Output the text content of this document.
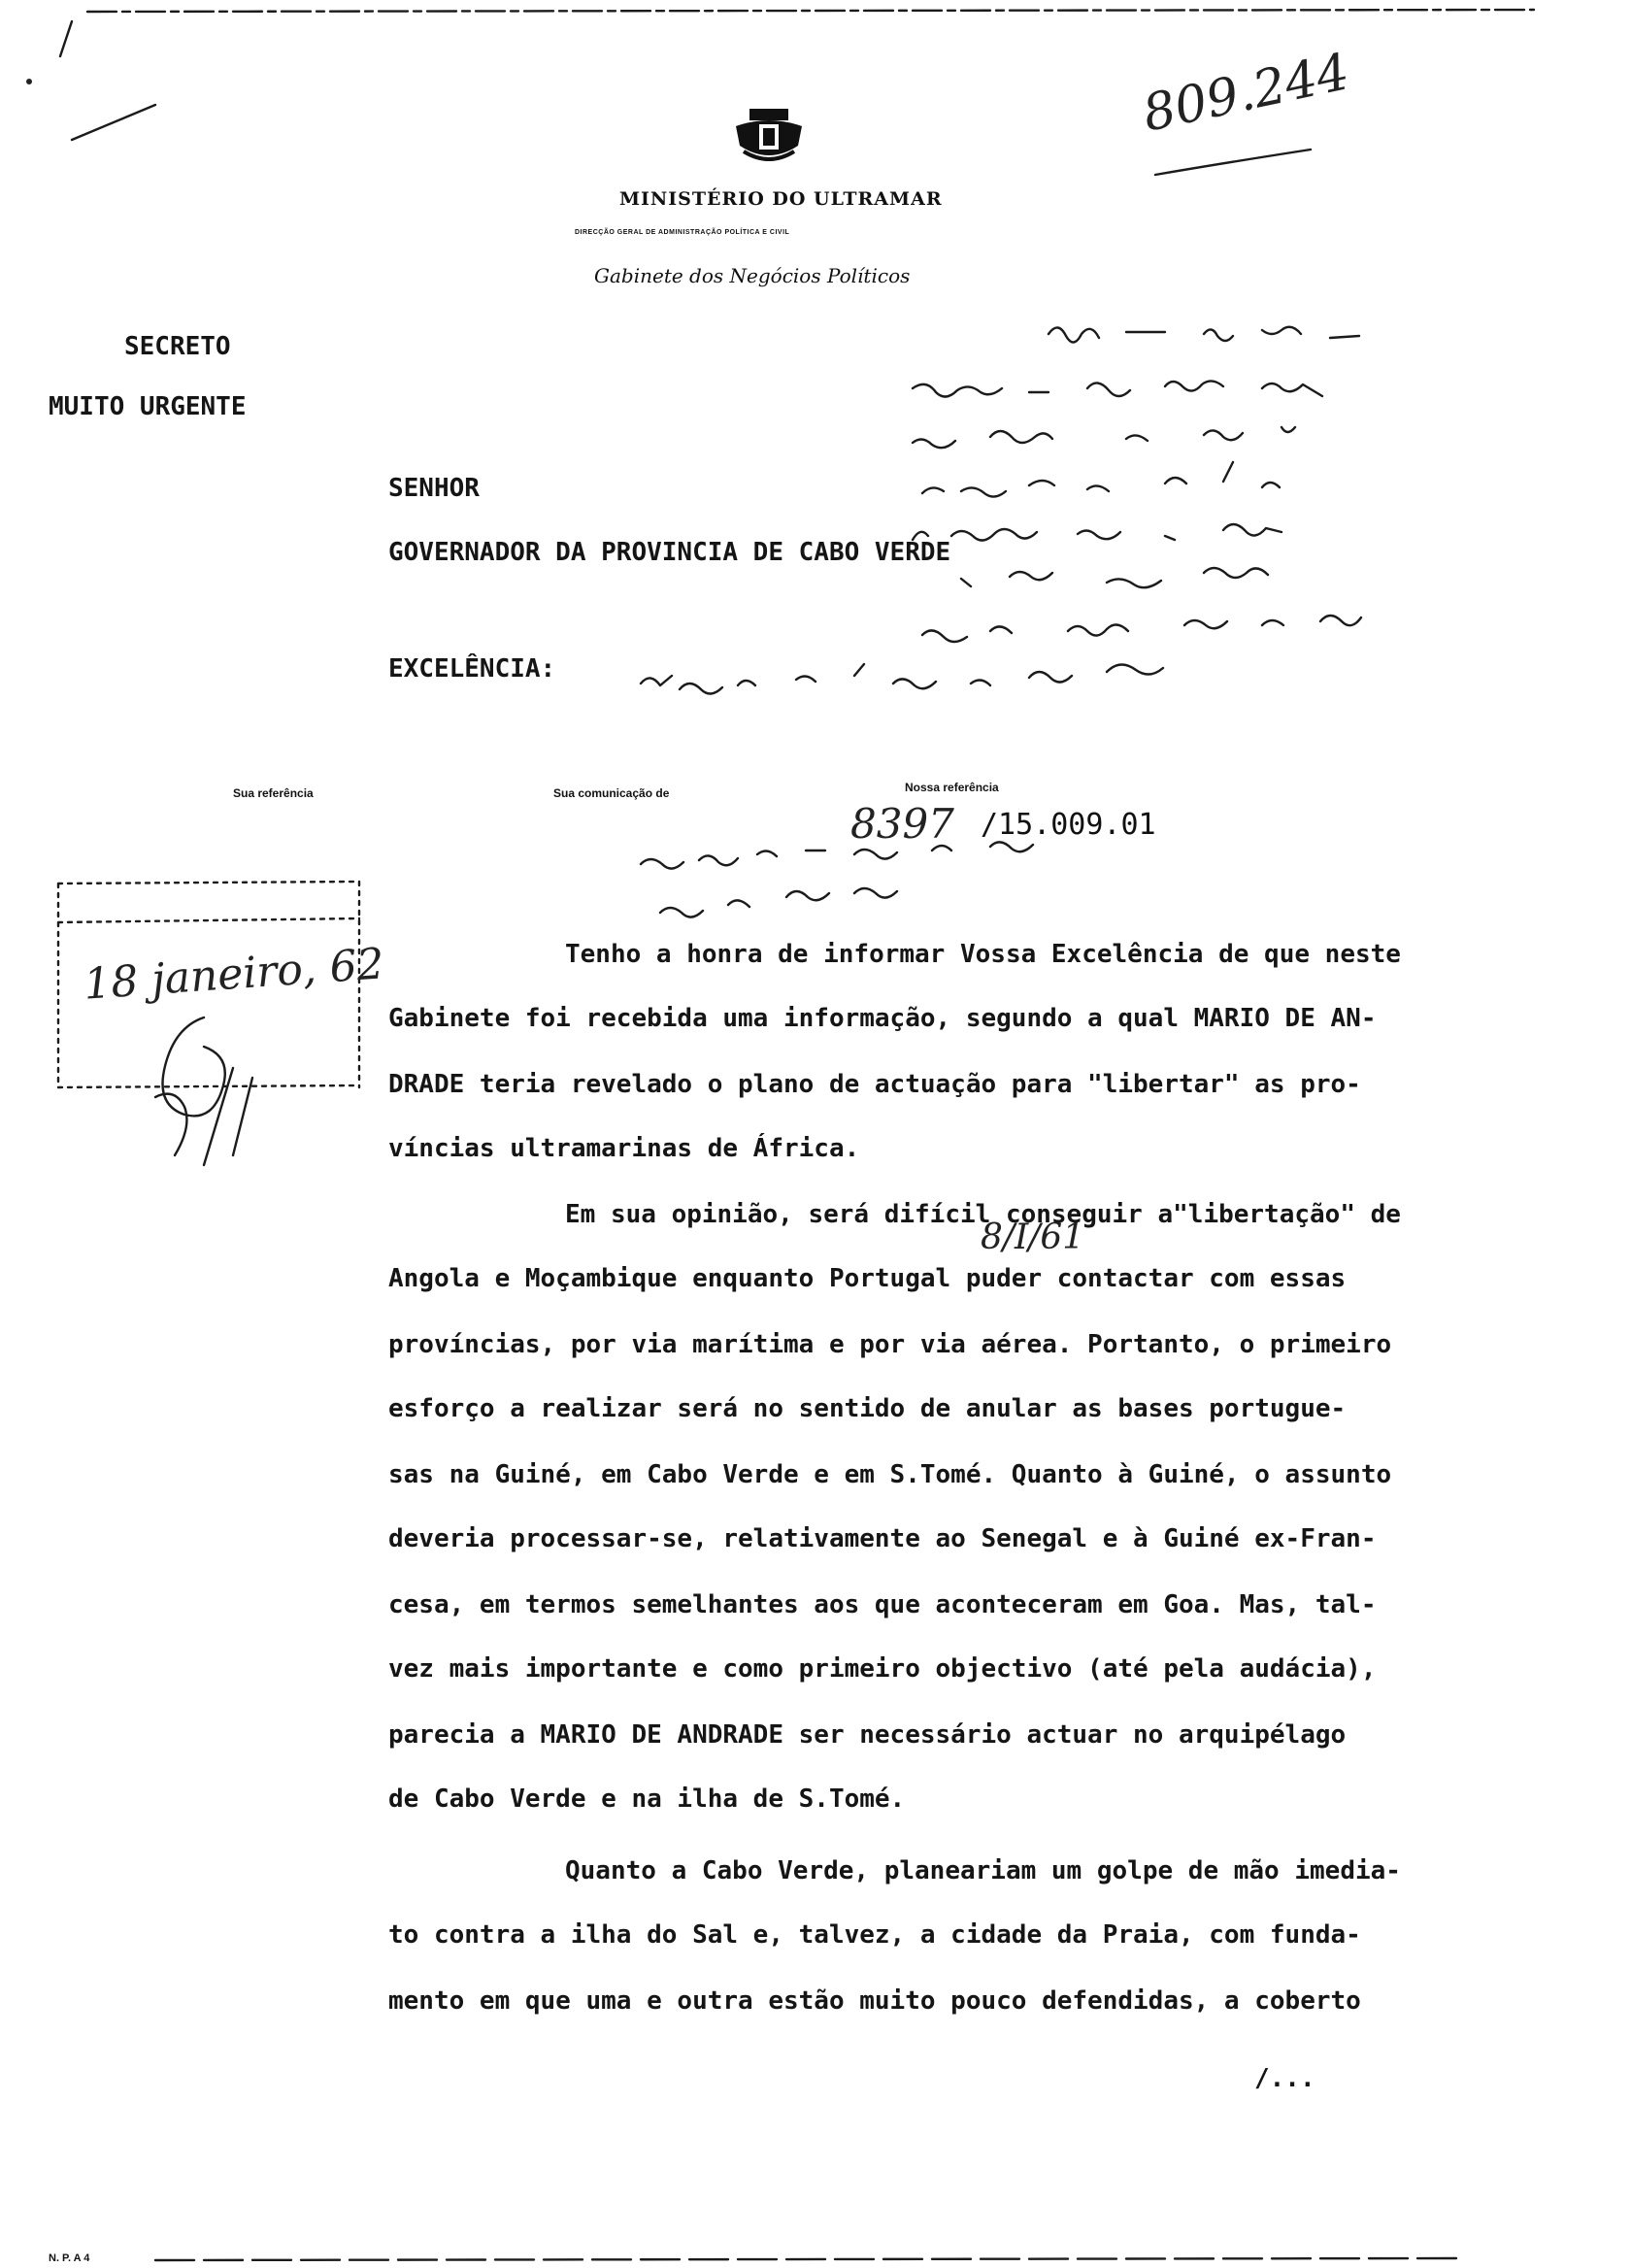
809.244
MINISTÉRIO DO ULTRAMAR
DIRECÇÃO GERAL DE ADMINISTRAÇÃO POLÍTICA E CIVIL
Gabinete dos Negócios Políticos
SECRETO
MUITO URGENTE
SENHOR
GOVERNADOR DA PROVINCIA DE CABO VERDE
EXCELÊNCIA:
Sua referência	Sua comunicação de	Nossa referência
8397 /15.009.01
18 janeiro, 62
8/I/61
Tenho a honra de informar Vossa Excelência de que neste
Gabinete foi recebida uma informação, segundo a qual MARIO DE AN-
DRADE teria revelado o plano de actuação para "libertar" as pro-
víncias ultramarinas de África.
Em sua opinião, será difícil conseguir a"libertação" de
Angola e Moçambique enquanto Portugal puder contactar com essas
províncias, por via marítima e por via aérea. Portanto, o primeiro
esforço a realizar será no sentido de anular as bases portugue-
sas na Guiné, em Cabo Verde e em S.Tomé. Quanto à Guiné, o assunto
deveria processar-se, relativamente ao Senegal e à Guiné ex-Fran-
cesa, em termos semelhantes aos que aconteceram em Goa. Mas, tal-
vez mais importante e como primeiro objectivo (até pela audácia),
parecia a MARIO DE ANDRADE ser necessário actuar no arquipélago
de Cabo Verde e na ilha de S.Tomé.
Quanto a Cabo Verde, planeariam um golpe de mão imedia-
to contra a ilha do Sal e, talvez, a cidade da Praia, com funda-
mento em que uma e outra estão muito pouco defendidas, a coberto
/...
N. P. A 4
